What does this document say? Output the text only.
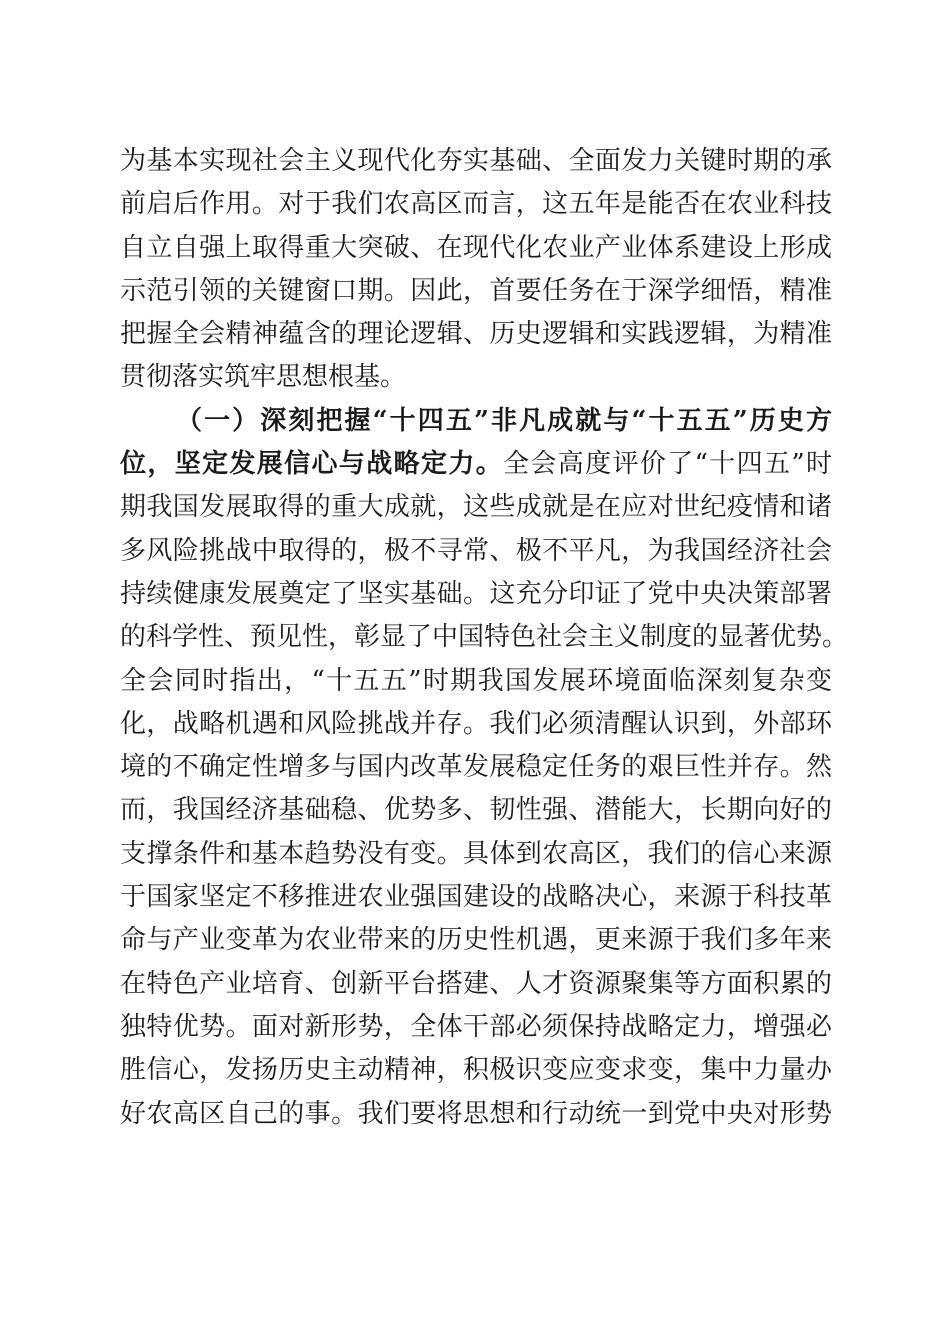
为基本实现社会主义现代化夯实基础、全面发力关键时期的承
前启后作用。对于我们农高区而言，这五年是能否在农业科技
自立自强上取得重大突破、在现代化农业产业体系建设上形成
示范引领的关键窗口期。因此，首要任务在于深学细悟，精准
把握全会精神蕴含的理论逻辑、历史逻辑和实践逻辑，为精准
贯彻落实筑牢思想根基。
（一）深刻把握“十四五”非凡成就与“十五五”历史方
位，坚定发展信心与战略定力。全会高度评价了“十四五”时
期我国发展取得的重大成就，这些成就是在应对世纪疫情和诸
多风险挑战中取得的，极不寻常、极不平凡，为我国经济社会
持续健康发展奠定了坚实基础。这充分印证了党中央决策部署
的科学性、预见性，彰显了中国特色社会主义制度的显著优势。
全会同时指出，“十五五”时期我国发展环境面临深刻复杂变
化，战略机遇和风险挑战并存。我们必须清醒认识到，外部环
境的不确定性增多与国内改革发展稳定任务的艰巨性并存。然
而，我国经济基础稳、优势多、韧性强、潜能大，长期向好的
支撑条件和基本趋势没有变。具体到农高区，我们的信心来源
于国家坚定不移推进农业强国建设的战略决心，来源于科技革
命与产业变革为农业带来的历史性机遇，更来源于我们多年来
在特色产业培育、创新平台搭建、人才资源聚集等方面积累的
独特优势。面对新形势，全体干部必须保持战略定力，增强必
胜信心，发扬历史主动精神，积极识变应变求变，集中力量办
好农高区自己的事。我们要将思想和行动统一到党中央对形势
